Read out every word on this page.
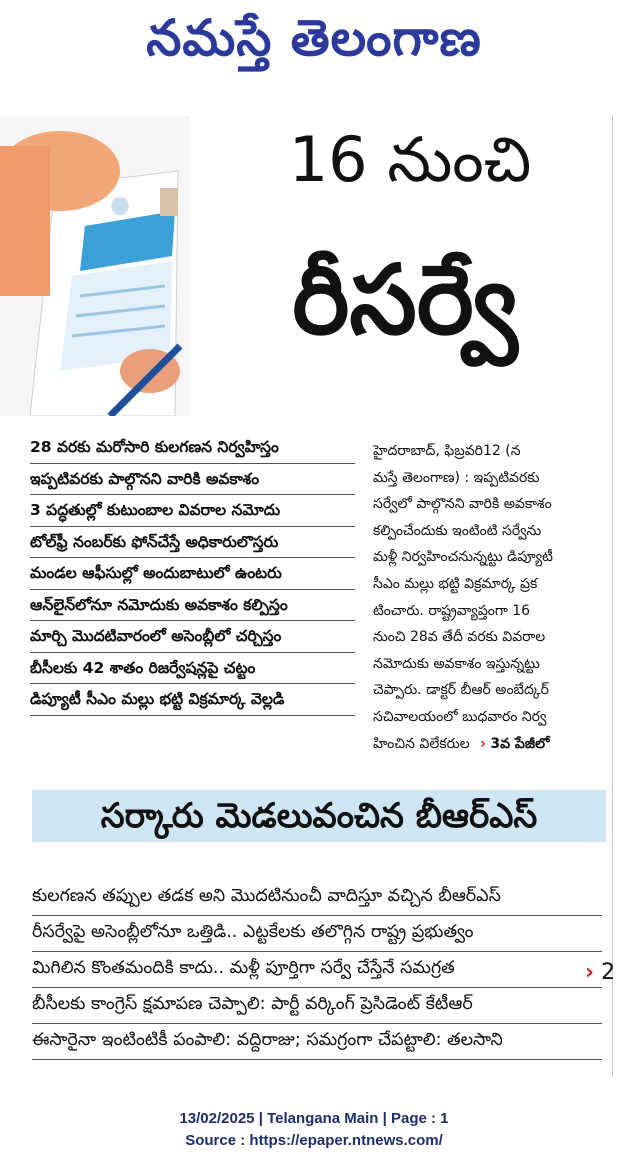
నమస్తే తెలంగాణ
16 నుంచి
రీసర్వే
28 వరకు మరోసారి కులగణన నిర్వహిస్తం
ఇప్పటివరకు పాల్గొనని వారికి అవకాశం
3 పద్ధతుల్లో కుటుంబాల వివరాల నమోదు
టోల్‌ఫ్రీ నంబర్‌కు ఫోన్‌చేస్తే అధికారులొస్తరు
మండల ఆఫీసుల్లో అందుబాటులో ఉంటరు
ఆన్‌లైన్‌లోనూ నమోదుకు అవకాశం కల్పిస్తం
మార్చి మొదటివారంలో అసెంబ్లీలో చర్చిస్తం
బీసీలకు 42 శాతం రిజర్వేషన్లపై చట్టం
డిప్యూటీ సీఎం మల్లు భట్టి విక్రమార్క వెల్లడి
హైదరాబాద్, ఫిబ్రవరి12 (న
మస్తే తెలంగాణ) : ఇప్పటివరకు
సర్వేలో పాల్గొనని వారికి అవకాశం
కల్పించేందుకు ఇంటింటి సర్వేను
మళ్లీ నిర్వహించనున్నట్టు డిప్యూటీ
సీఎం మల్లు భట్టి విక్రమార్క ప్రక
టించారు. రాష్ట్రవ్యాప్తంగా 16
నుంచి 28వ తేదీ వరకు వివరాల
నమోదుకు అవకాశం ఇస్తున్నట్టు
చెప్పారు. డాక్టర్ బీఆర్ అంబేద్కర్
సచివాలయంలో బుధవారం నిర్వ
హించిన విలేకరుల › 3వ పేజీలో
సర్కారు మెడలువంచిన బీఆర్‌ఎస్
కులగణన తప్పుల తడక అని మొదటినుంచీ వాదిస్తూ వచ్చిన బీఆర్‌ఎస్
రీసర్వేపై అసెంబ్లీలోనూ ఒత్తిడి.. ఎట్టకేలకు తలొగ్గిన రాష్ట్ర ప్రభుత్వం
మిగిలిన కొంతమందికి కాదు.. మళ్లీ పూర్తిగా సర్వే చేస్తేనే సమగ్రత
బీసీలకు కాంగ్రెస్ క్షమాపణ చెప్పాలి: పార్టీ వర్కింగ్ ప్రెసిడెంట్ కేటీఆర్
ఈసారైనా ఇంటింటికీ పంపాలి: వద్దిరాజు; సమగ్రంగా చేపట్టాలి: తలసాని
› 2
13/02/2025 | Telangana Main | Page : 1
Source : https://epaper.ntnews.com/
